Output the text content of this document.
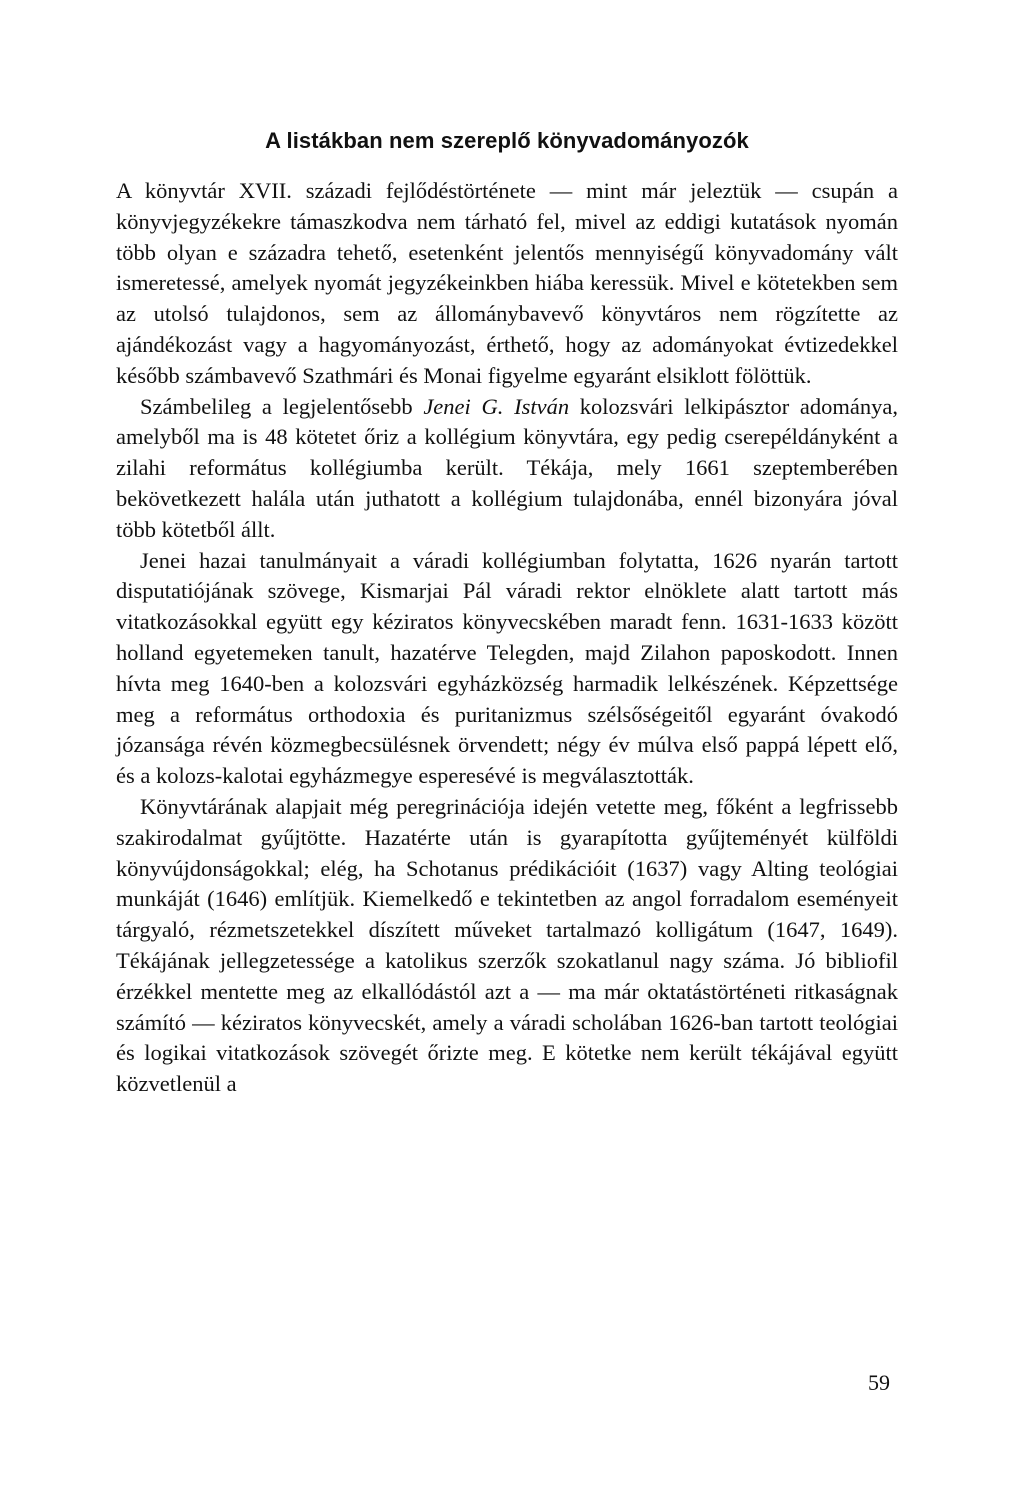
A listákban nem szereplő könyvadományozók

A könyvtár XVII. századi fejlődéstörténete — mint már jeleztük — csupán a könyvjegyzékekre támaszkodva nem tárható fel, mivel az eddigi kutatások nyomán több olyan e századra tehető, esetenként jelentős mennyiségű könyvadomány vált ismeretessé, amelyek nyomát jegyzékeinkben hiába keressük. Mivel e kötetekben sem az utolsó tulajdonos, sem az állománybavevő könyvtáros nem rögzítette az ajándékozást vagy a hagyományozást, érthető, hogy az adományokat évtizedekkel később számbavevő Szathmári és Monai figyelme egyaránt elsiklott fölöttük.

Számbelileg a legjelentősebb Jenei G. István kolozsvári lelkipásztor adománya, amelyből ma is 48 kötetet őriz a kollégium könyvtára, egy pedig cserepéldányként a zilahi református kollégiumba került. Tékája, mely 1661 szeptemberében bekövetkezett halála után juthatott a kollégium tulajdonába, ennél bizonyára jóval több kötetből állt.

Jenei hazai tanulmányait a váradi kollégiumban folytatta, 1626 nyarán tartott disputatiójának szövege, Kismarjai Pál váradi rektor elnöklete alatt tartott más vitatkozásokkal együtt egy kéziratos könyvecskében maradt fenn. 1631-1633 között holland egyetemeken tanult, hazatérve Telegden, majd Zilahon paposkodott. Innen hívta meg 1640-ben a kolozsvári egyházközség harmadik lelkészének. Képzettsége meg a református orthodoxia és puritanizmus szélsőségeitől egyaránt óvakodó józansága révén közmegbecsülésnek örvendett; négy év múlva első pappá lépett elő, és a kolozs-kalotai egyházmegye esperesévé is megválasztották.

Könyvtárának alapjait még peregrinációja idején vetette meg, főként a legfrissebb szakirodalmat gyűjtötte. Hazatérte után is gyarapította gyűjteményét külföldi könyvújdonságokkal; elég, ha Schotanus prédikációit (1637) vagy Alting teológiai munkáját (1646) említjük. Kiemelkedő e tekintetben az angol forradalom eseményeit tárgyaló, rézmetszetekkel díszített műveket tartalmazó kolligátum (1647, 1649). Tékájának jellegzetessége a katolikus szerzők szokatlanul nagy száma. Jó bibliofil érzékkel mentette meg az elkallódástól azt a — ma már oktatástörténeti ritkaságnak számító — kéziratos könyvecskét, amely a váradi scholában 1626-ban tartott teológiai és logikai vitatkozások szövegét őrizte meg. E kötetke nem került tékájával együtt közvetlenül a

59
